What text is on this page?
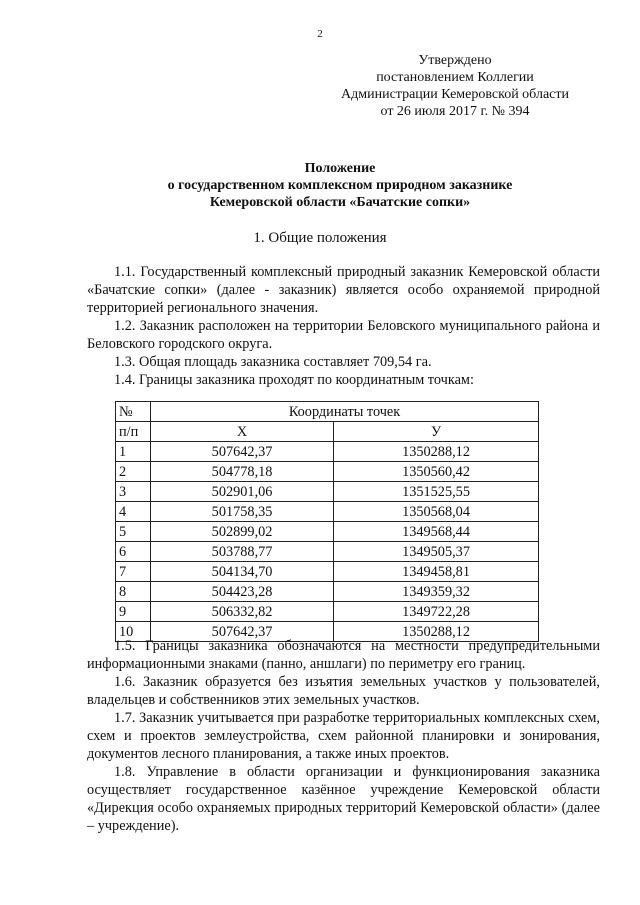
2
Утверждено
постановлением Коллегии
Администрации Кемеровской области
от 26 июля 2017 г. № 394
Положение
о государственном комплексном природном заказнике
Кемеровской области «Бачатские сопки»
1. Общие положения

1.1. Государственный комплексный природный заказник Кемеровской области «Бачатские сопки» (далее - заказник) является особо охраняемой природной территорией регионального значения.

1.2. Заказник расположен на территории Беловского муниципального района и Беловского городского округа.

1.3. Общая площадь заказника составляет 709,54 га.

1.4. Границы заказника проходят по координатным точкам:

№	Координаты точек	
п/п	Х	У
1	507642,37	1350288,12
2	504778,18	1350560,42
3	502901,06	1351525,55
4	501758,35	1350568,04
5	502899,02	1349568,44
6	503788,77	1349505,37
7	504134,70	1349458,81
8	504423,28	1349359,32
9	506332,82	1349722,28
10	507642,37	1350288,12

1.5. Границы заказника обозначаются на местности предупредительными информационными знаками (панно, аншлаги) по периметру его границ.

1.6. Заказник образуется без изъятия земельных участков у пользователей, владельцев и собственников этих земельных участков.

1.7. Заказник учитывается при разработке территориальных комплексных схем, схем и проектов землеустройства, схем районной планировки и зонирования, документов лесного планирования, а также иных проектов.

1.8. Управление в области организации и функционирования заказника осуществляет государственное казённое учреждение Кемеровской области «Дирекция особо охраняемых природных территорий Кемеровской области» (далее – учреждение).
